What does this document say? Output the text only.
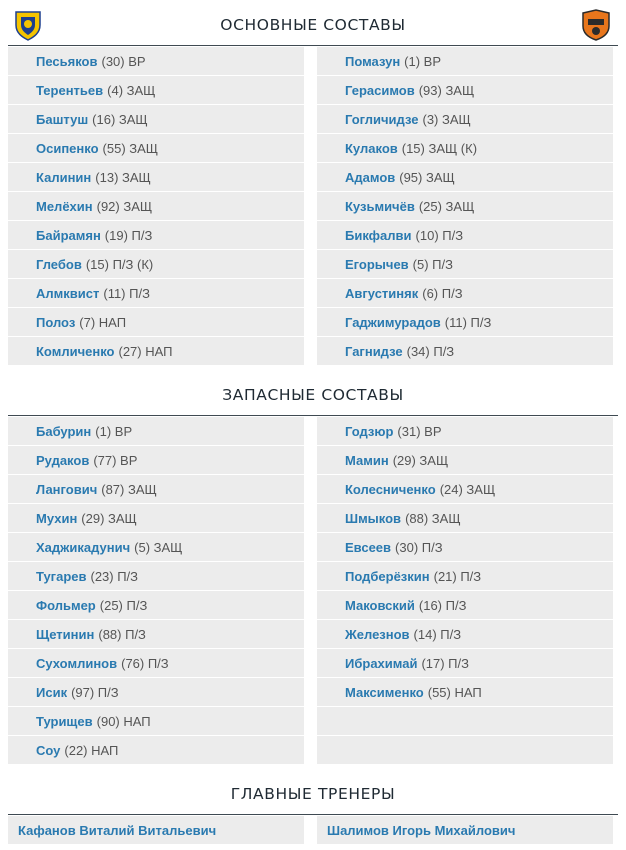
ОСНОВНЫЕ СОСТАВЫ
Песьяков (30) ВР
Терентьев (4) ЗАЩ
Баштуш (16) ЗАЩ
Осипенко (55) ЗАЩ
Калинин (13) ЗАЩ
Мелёхин (92) ЗАЩ
Байрамян (19) П/З
Глебов (15) П/З (К)
Алмквист (11) П/З
Полоз (7) НАП
Комличенко (27) НАП
Помазун (1) ВР
Герасимов (93) ЗАЩ
Гогличидзе (3) ЗАЩ
Кулаков (15) ЗАЩ (К)
Адамов (95) ЗАЩ
Кузьмичёв (25) ЗАЩ
Бикфалви (10) П/З
Егорычев (5) П/З
Августиняк (6) П/З
Гаджимурадов (11) П/З
Гагнидзе (34) П/З
ЗАПАСНЫЕ СОСТАВЫ
Бабурин (1) ВР
Рудаков (77) ВР
Лангович (87) ЗАЩ
Мухин (29) ЗАЩ
Хаджикадунич (5) ЗАЩ
Тугарев (23) П/З
Фольмер (25) П/З
Щетинин (88) П/З
Сухомлинов (76) П/З
Исик (97) П/З
Турищев (90) НАП
Соу (22) НАП
Годзюр (31) ВР
Мамин (29) ЗАЩ
Колесниченко (24) ЗАЩ
Шмыков (88) ЗАЩ
Евсеев (30) П/З
Подберёзкин (21) П/З
Маковский (16) П/З
Железнов (14) П/З
Ибрахимай (17) П/З
Максименко (55) НАП
ГЛАВНЫЕ ТРЕНЕРЫ
Кафанов Виталий Витальевич	Шалимов Игорь Михайлович
